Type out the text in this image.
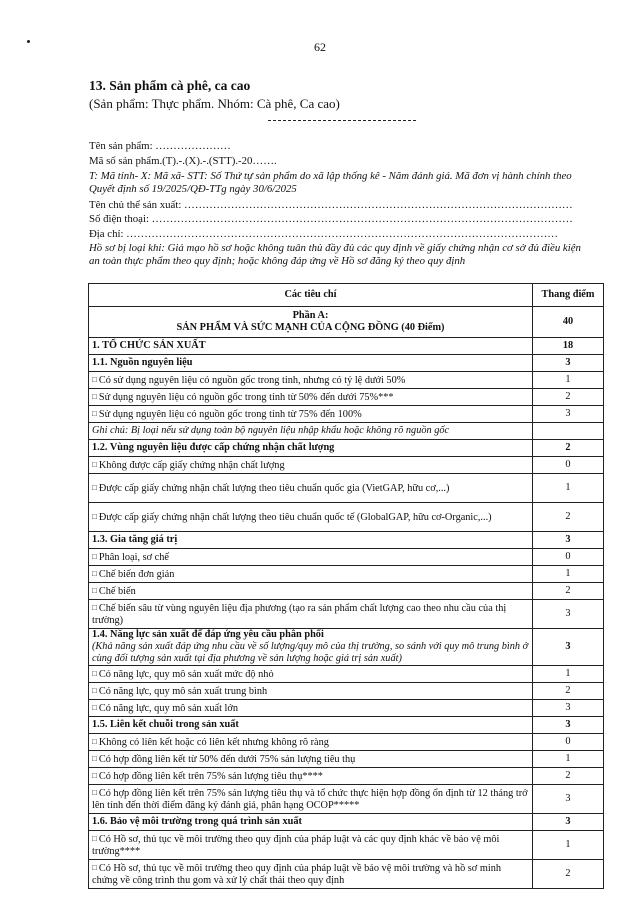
62
13. Sản phẩm cà phê, ca cao
(Sản phẩm: Thực phẩm. Nhóm: Cà phê, Ca cao)
Tên sản phẩm: …………………
Mã số sản phẩm.(T).-.(X).-.(STT).-20…….
T: Mã tỉnh- X: Mã xã- STT: Số Thứ tự sản phẩm do xã lập thống kê - Năm đánh giá. Mã đơn vị hành chính theo Quyết định số 19/2025/QĐ-TTg ngày 30/6/2025
Tên chủ thể sản xuất: ………………………………………………………………………………………………
Số điện thoại: ………………………………………………………………………………………………………
Địa chỉ: …………………………………………………………………………………………………………
Hồ sơ bị loại khi: Giả mạo hồ sơ hoặc không tuân thủ đầy đủ các quy định về giấy chứng nhận cơ sở đủ điều kiện an toàn thực phẩm theo quy định; hoặc không đáp ứng về Hồ sơ đăng ký theo quy định
Các tiêu chí	Thang điểm

Phần A:
SẢN PHẨM VÀ SỨC MẠNH CỦA CỘNG ĐỒNG (40 Điểm)	40
1. TỔ CHỨC SẢN XUẤT	18
1.1. Nguồn nguyên liệu	3
□ Có sử dụng nguyên liệu có nguồn gốc trong tỉnh, nhưng có tỷ lệ dưới 50%	1
□ Sử dụng nguyên liệu có nguồn gốc trong tỉnh từ 50% đến dưới 75%***	2
□ Sử dụng nguyên liệu có nguồn gốc trong tỉnh từ 75% đến 100%	3
Ghi chú: Bị loại nếu sử dụng toàn bộ nguyên liệu nhập khẩu hoặc không rõ nguồn gốc	
1.2. Vùng nguyên liệu được cấp chứng nhận chất lượng	2
□ Không được cấp giấy chứng nhận chất lượng	0
□ Được cấp giấy chứng nhận chất lượng theo tiêu chuẩn quốc gia (VietGAP, hữu cơ,...)	1
□ Được cấp giấy chứng nhận chất lượng theo tiêu chuẩn quốc tế (GlobalGAP, hữu cơ-Organic,...)	2
1.3. Gia tăng giá trị	3
□ Phân loại, sơ chế	0
□ Chế biến đơn giản	1
□ Chế biến	2
□ Chế biến sâu từ vùng nguyên liệu địa phương (tạo ra sản phẩm chất lượng cao theo nhu cầu của thị trường)	3

1.4. Năng lực sản xuất để đáp ứng yêu cầu phân phối
(Khả năng sản xuất đáp ứng nhu cầu về số lượng/quy mô của thị trường, so sánh với quy mô trung bình ở cùng đối tượng sản xuất tại địa phương về sản lượng hoặc giá trị sản xuất)	3
□ Có năng lực, quy mô sản xuất mức độ nhỏ	1
□ Có năng lực, quy mô sản xuất trung bình	2
□ Có năng lực, quy mô sản xuất lớn	3
1.5. Liên kết chuỗi trong sản xuất	3
□ Không có liên kết hoặc có liên kết nhưng không rõ ràng	0
□ Có hợp đồng liên kết từ 50% đến dưới 75% sản lượng tiêu thụ	1
□ Có hợp đồng liên kết trên 75% sản lượng tiêu thụ****	2
□ Có hợp đồng liên kết trên 75% sản lượng tiêu thụ và tổ chức thực hiện hợp đồng ổn định từ 12 tháng trở lên tính đến thời điểm đăng ký đánh giá, phân hạng OCOP*****	3
1.6. Bảo vệ môi trường trong quá trình sản xuất	3
□ Có Hồ sơ, thủ tục về môi trường theo quy định của pháp luật và các quy định khác về bảo vệ môi trường****	1
□ Có Hồ sơ, thủ tục về môi trường theo quy định của pháp luật về bảo vệ môi trường và hồ sơ minh chứng về công trình thu gom và xử lý chất thải theo quy định	2
